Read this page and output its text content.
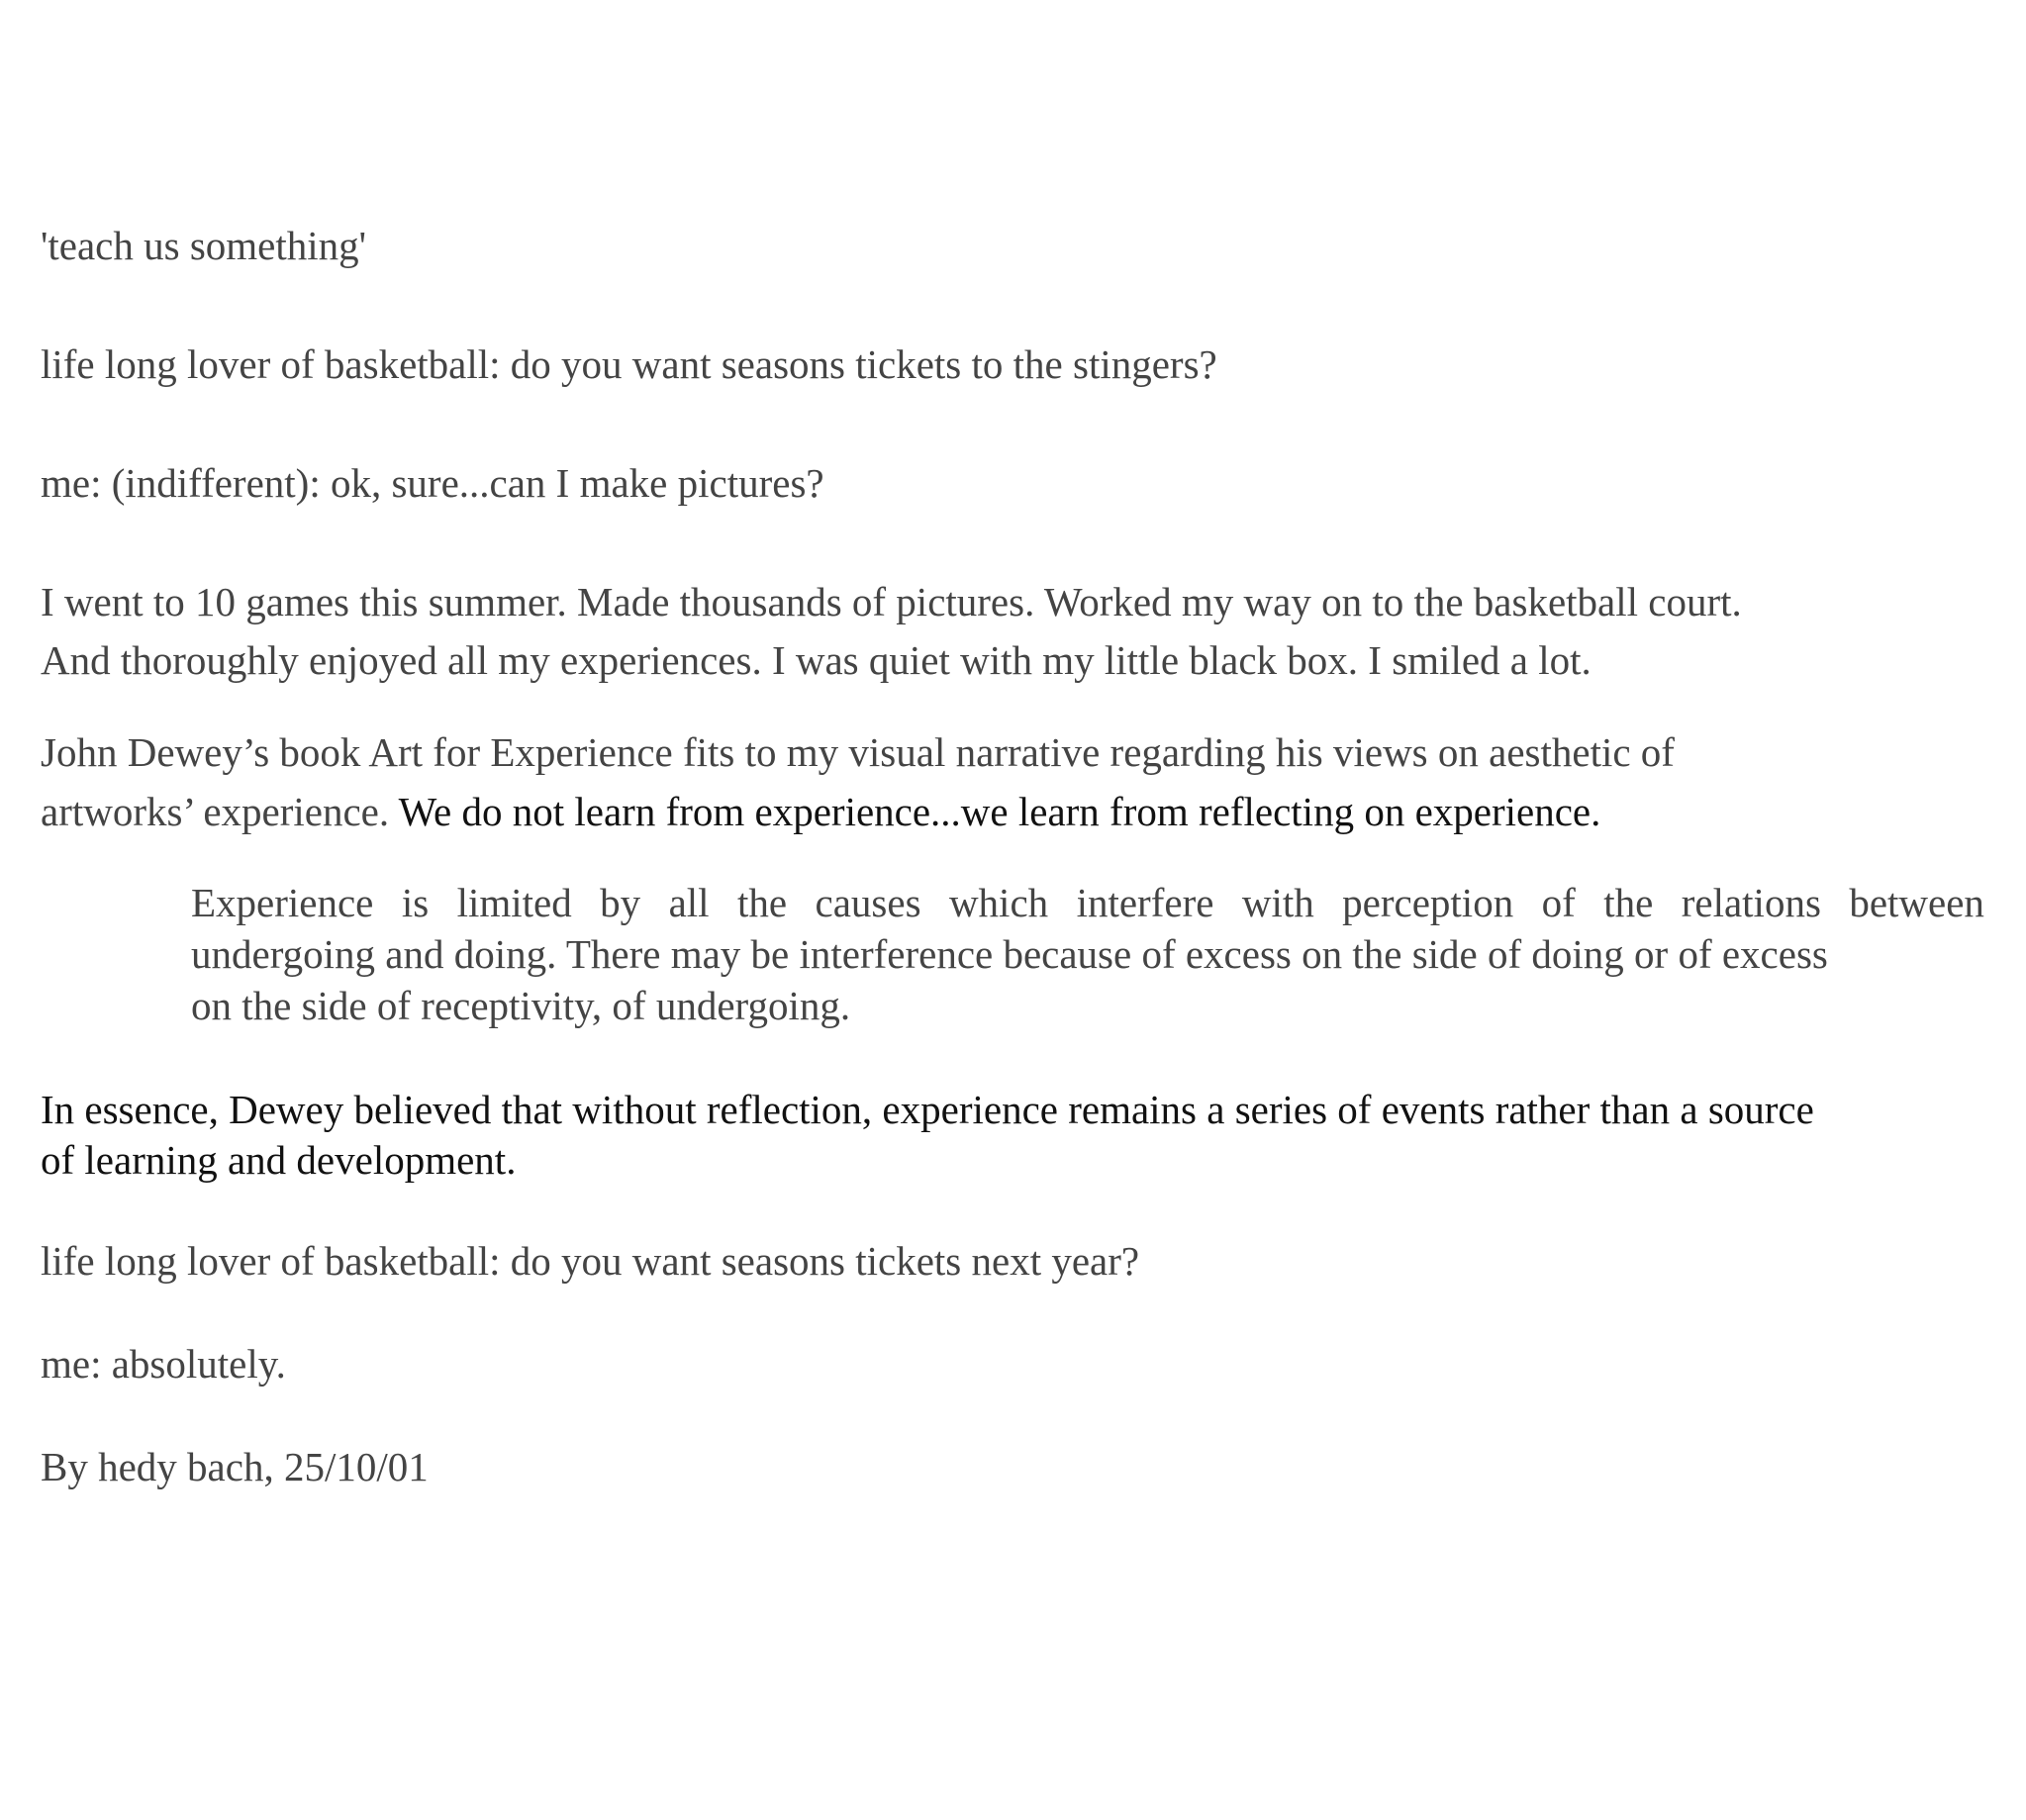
'teach us something'

life long lover of basketball: do you want seasons tickets to the stingers?

me: (indifferent): ok, sure...can I make pictures?

I went to 10 games this summer. Made thousands of pictures. Worked my way on to the basketball court.

And thoroughly enjoyed all my experiences. I was quiet with my little black box. I smiled a lot.

John Dewey’s book Art for Experience fits to my visual narrative regarding his views on aesthetic of

artworks’ experience. We do not learn from experience...we learn from reflecting on experience.

Experience is limited by all the causes which interfere with perception of the relations between
undergoing and doing. There may be interference because of excess on the side of doing or of excess
on the side of receptivity, of undergoing.

In essence, Dewey believed that without reflection, experience remains a series of events rather than a source

of learning and development.

life long lover of basketball: do you want seasons tickets next year?

me: absolutely.

By hedy bach, 25/10/01
